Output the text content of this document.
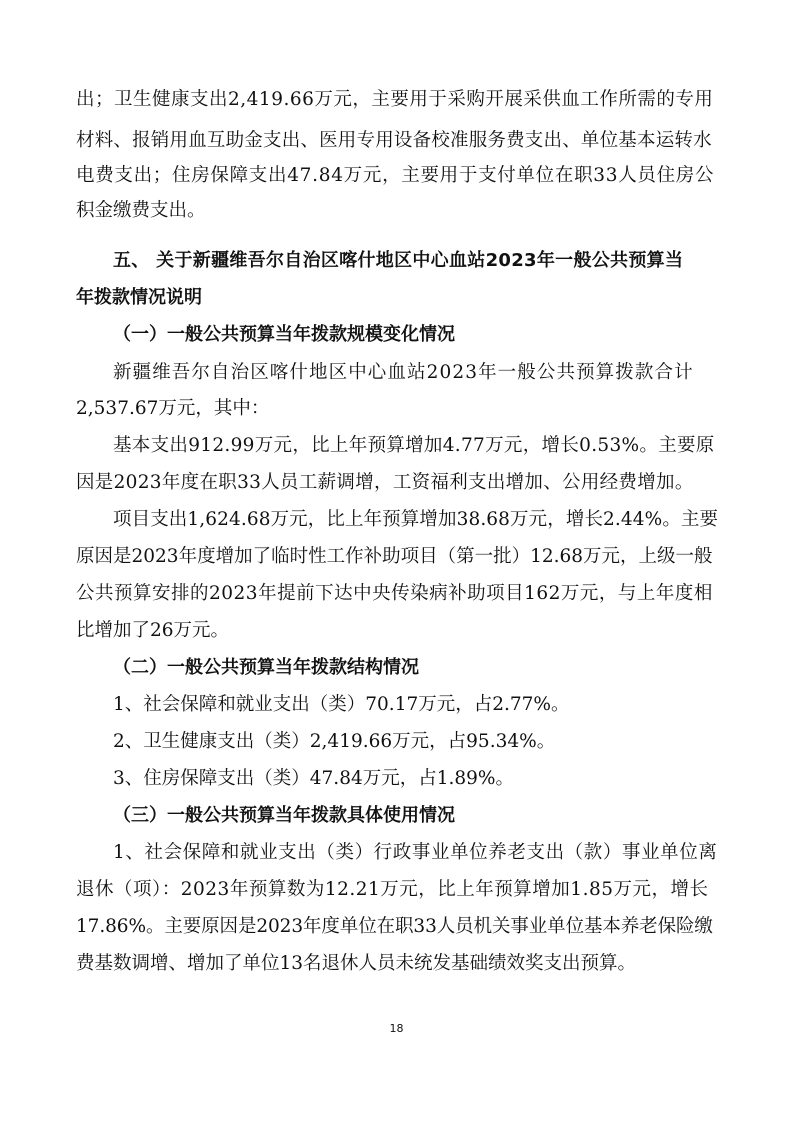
出；卫生健康支出2,419.66万元，主要用于采购开展采供血工作所需的专用
材料、报销用血互助金支出、医用专用设备校准服务费支出、单位基本运转水
电费支出；住房保障支出47.84万元，主要用于支付单位在职33人员住房公
积金缴费支出。
五、 关于新疆维吾尔自治区喀什地区中心血站2023年一般公共预算当
年拨款情况说明
（一）一般公共预算当年拨款规模变化情况
新疆维吾尔自治区喀什地区中心血站2023年一般公共预算拨款合计
2,537.67万元，其中：
基本支出912.99万元，比上年预算增加4.77万元，增长0.53%。主要原
因是2023年度在职33人员工薪调增，工资福利支出增加、公用经费增加。
项目支出1,624.68万元，比上年预算增加38.68万元，增长2.44%。主要
原因是2023年度增加了临时性工作补助项目（第一批）12.68万元，上级一般
公共预算安排的2023年提前下达中央传染病补助项目162万元，与上年度相
比增加了26万元。
（二）一般公共预算当年拨款结构情况
1、社会保障和就业支出（类）70.17万元，占2.77%。
2、卫生健康支出（类）2,419.66万元，占95.34%。
3、住房保障支出（类）47.84万元，占1.89%。
（三）一般公共预算当年拨款具体使用情况
1、社会保障和就业支出（类）行政事业单位养老支出（款）事业单位离
退休（项）：2023年预算数为12.21万元，比上年预算增加1.85万元，增长
17.86%。主要原因是2023年度单位在职33人员机关事业单位基本养老保险缴
费基数调增、增加了单位13名退休人员未统发基础绩效奖支出预算。
18
